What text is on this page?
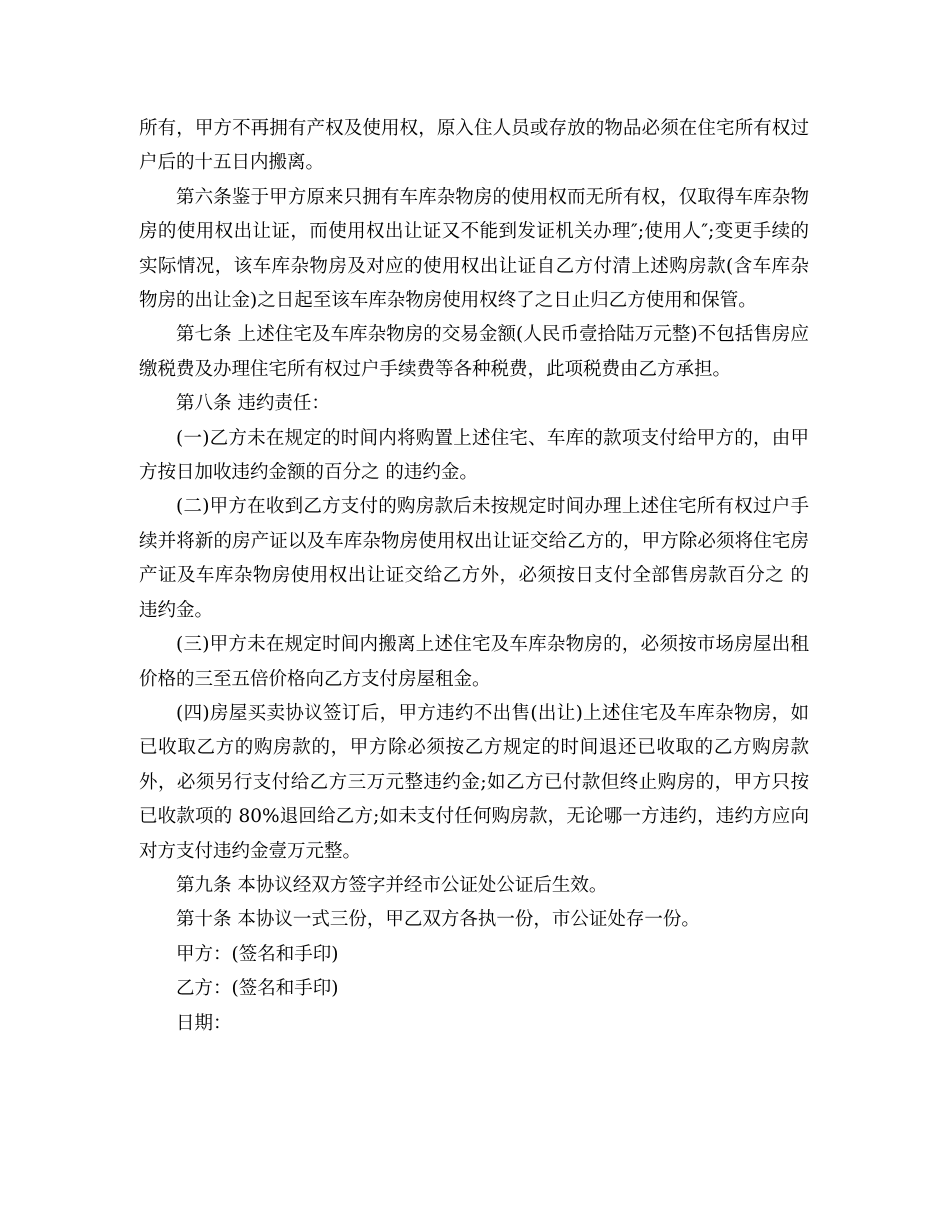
所有，甲方不再拥有产权及使用权，原入住人员或存放的物品必须在住宅所有权过户后的十五日内搬离。

第六条鉴于甲方原来只拥有车库杂物房的使用权而无所有权，仅取得车库杂物房的使用权出让证，而使用权出让证又不能到发证机关办理″;使用人″;变更手续的实际情况，该车库杂物房及对应的使用权出让证自乙方付清上述购房款(含车库杂物房的出让金)之日起至该车库杂物房使用权终了之日止归乙方使用和保管。

第七条 上述住宅及车库杂物房的交易金额(人民币壹拾陆万元整)不包括售房应缴税费及办理住宅所有权过户手续费等各种税费，此项税费由乙方承担。

第八条 违约责任：

(一)乙方未在规定的时间内将购置上述住宅、车库的款项支付给甲方的，由甲方按日加收违约金额的百分之 的违约金。

(二)甲方在收到乙方支付的购房款后未按规定时间办理上述住宅所有权过户手续并将新的房产证以及车库杂物房使用权出让证交给乙方的，甲方除必须将住宅房产证及车库杂物房使用权出让证交给乙方外，必须按日支付全部售房款百分之 的违约金。

(三)甲方未在规定时间内搬离上述住宅及车库杂物房的，必须按市场房屋出租价格的三至五倍价格向乙方支付房屋租金。

(四)房屋买卖协议签订后，甲方违约不出售(出让)上述住宅及车库杂物房，如已收取乙方的购房款的，甲方除必须按乙方规定的时间退还已收取的乙方购房款外，必须另行支付给乙方三万元整违约金;如乙方已付款但终止购房的，甲方只按已收款项的 80%退回给乙方;如未支付任何购房款，无论哪一方违约，违约方应向对方支付违约金壹万元整。

第九条 本协议经双方签字并经市公证处公证后生效。

第十条 本协议一式三份，甲乙双方各执一份，市公证处存一份。

甲方：(签名和手印)

乙方：(签名和手印)

日期：
